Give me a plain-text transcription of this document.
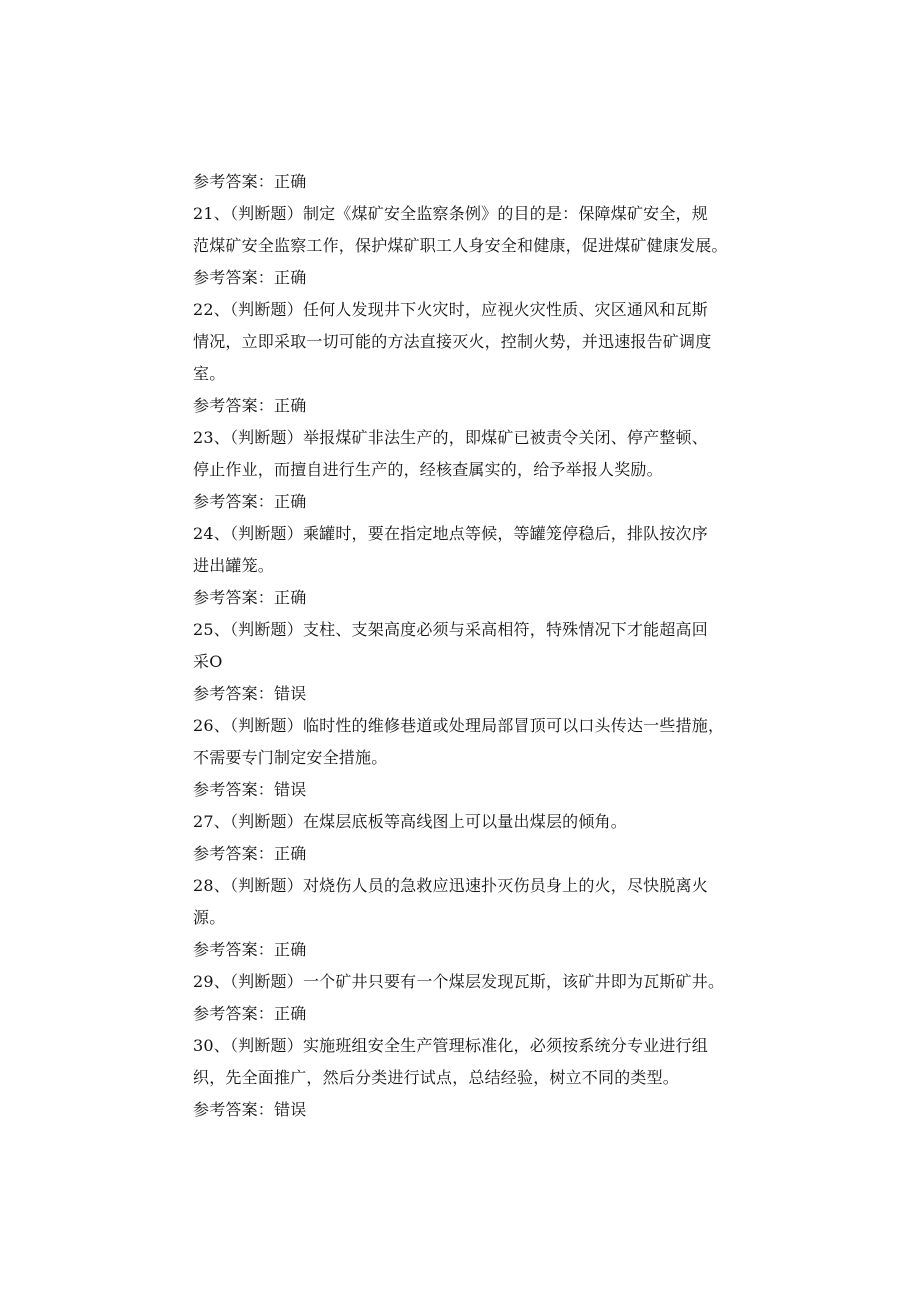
参考答案：正确
21、（判断题）制定《煤矿安全监察条例》的目的是：保障煤矿安全，规
范煤矿安全监察工作，保护煤矿职工人身安全和健康，促进煤矿健康发展。
参考答案：正确
22、（判断题）任何人发现井下火灾时，应视火灾性质、灾区通风和瓦斯
情况，立即采取一切可能的方法直接灭火，控制火势，并迅速报告矿调度
室。
参考答案：正确
23、（判断题）举报煤矿非法生产的，即煤矿已被责令关闭、停产整顿、
停止作业，而擅自进行生产的，经核查属实的，给予举报人奖励。
参考答案：正确
24、（判断题）乘罐时，要在指定地点等候，等罐笼停稳后，排队按次序
进出罐笼。
参考答案：正确
25、（判断题）支柱、支架高度必须与采高相符，特殊情况下才能超高回
采O
参考答案：错误
26、（判断题）临时性的维修巷道或处理局部冒顶可以口头传达一些措施，
不需要专门制定安全措施。
参考答案：错误
27、（判断题）在煤层底板等高线图上可以量出煤层的倾角。
参考答案：正确
28、（判断题）对烧伤人员的急救应迅速扑灭伤员身上的火，尽快脱离火
源。
参考答案：正确
29、（判断题）一个矿井只要有一个煤层发现瓦斯，该矿井即为瓦斯矿井。
参考答案：正确
30、（判断题）实施班组安全生产管理标准化，必须按系统分专业进行组
织，先全面推广，然后分类进行试点，总结经验，树立不同的类型。
参考答案：错误
